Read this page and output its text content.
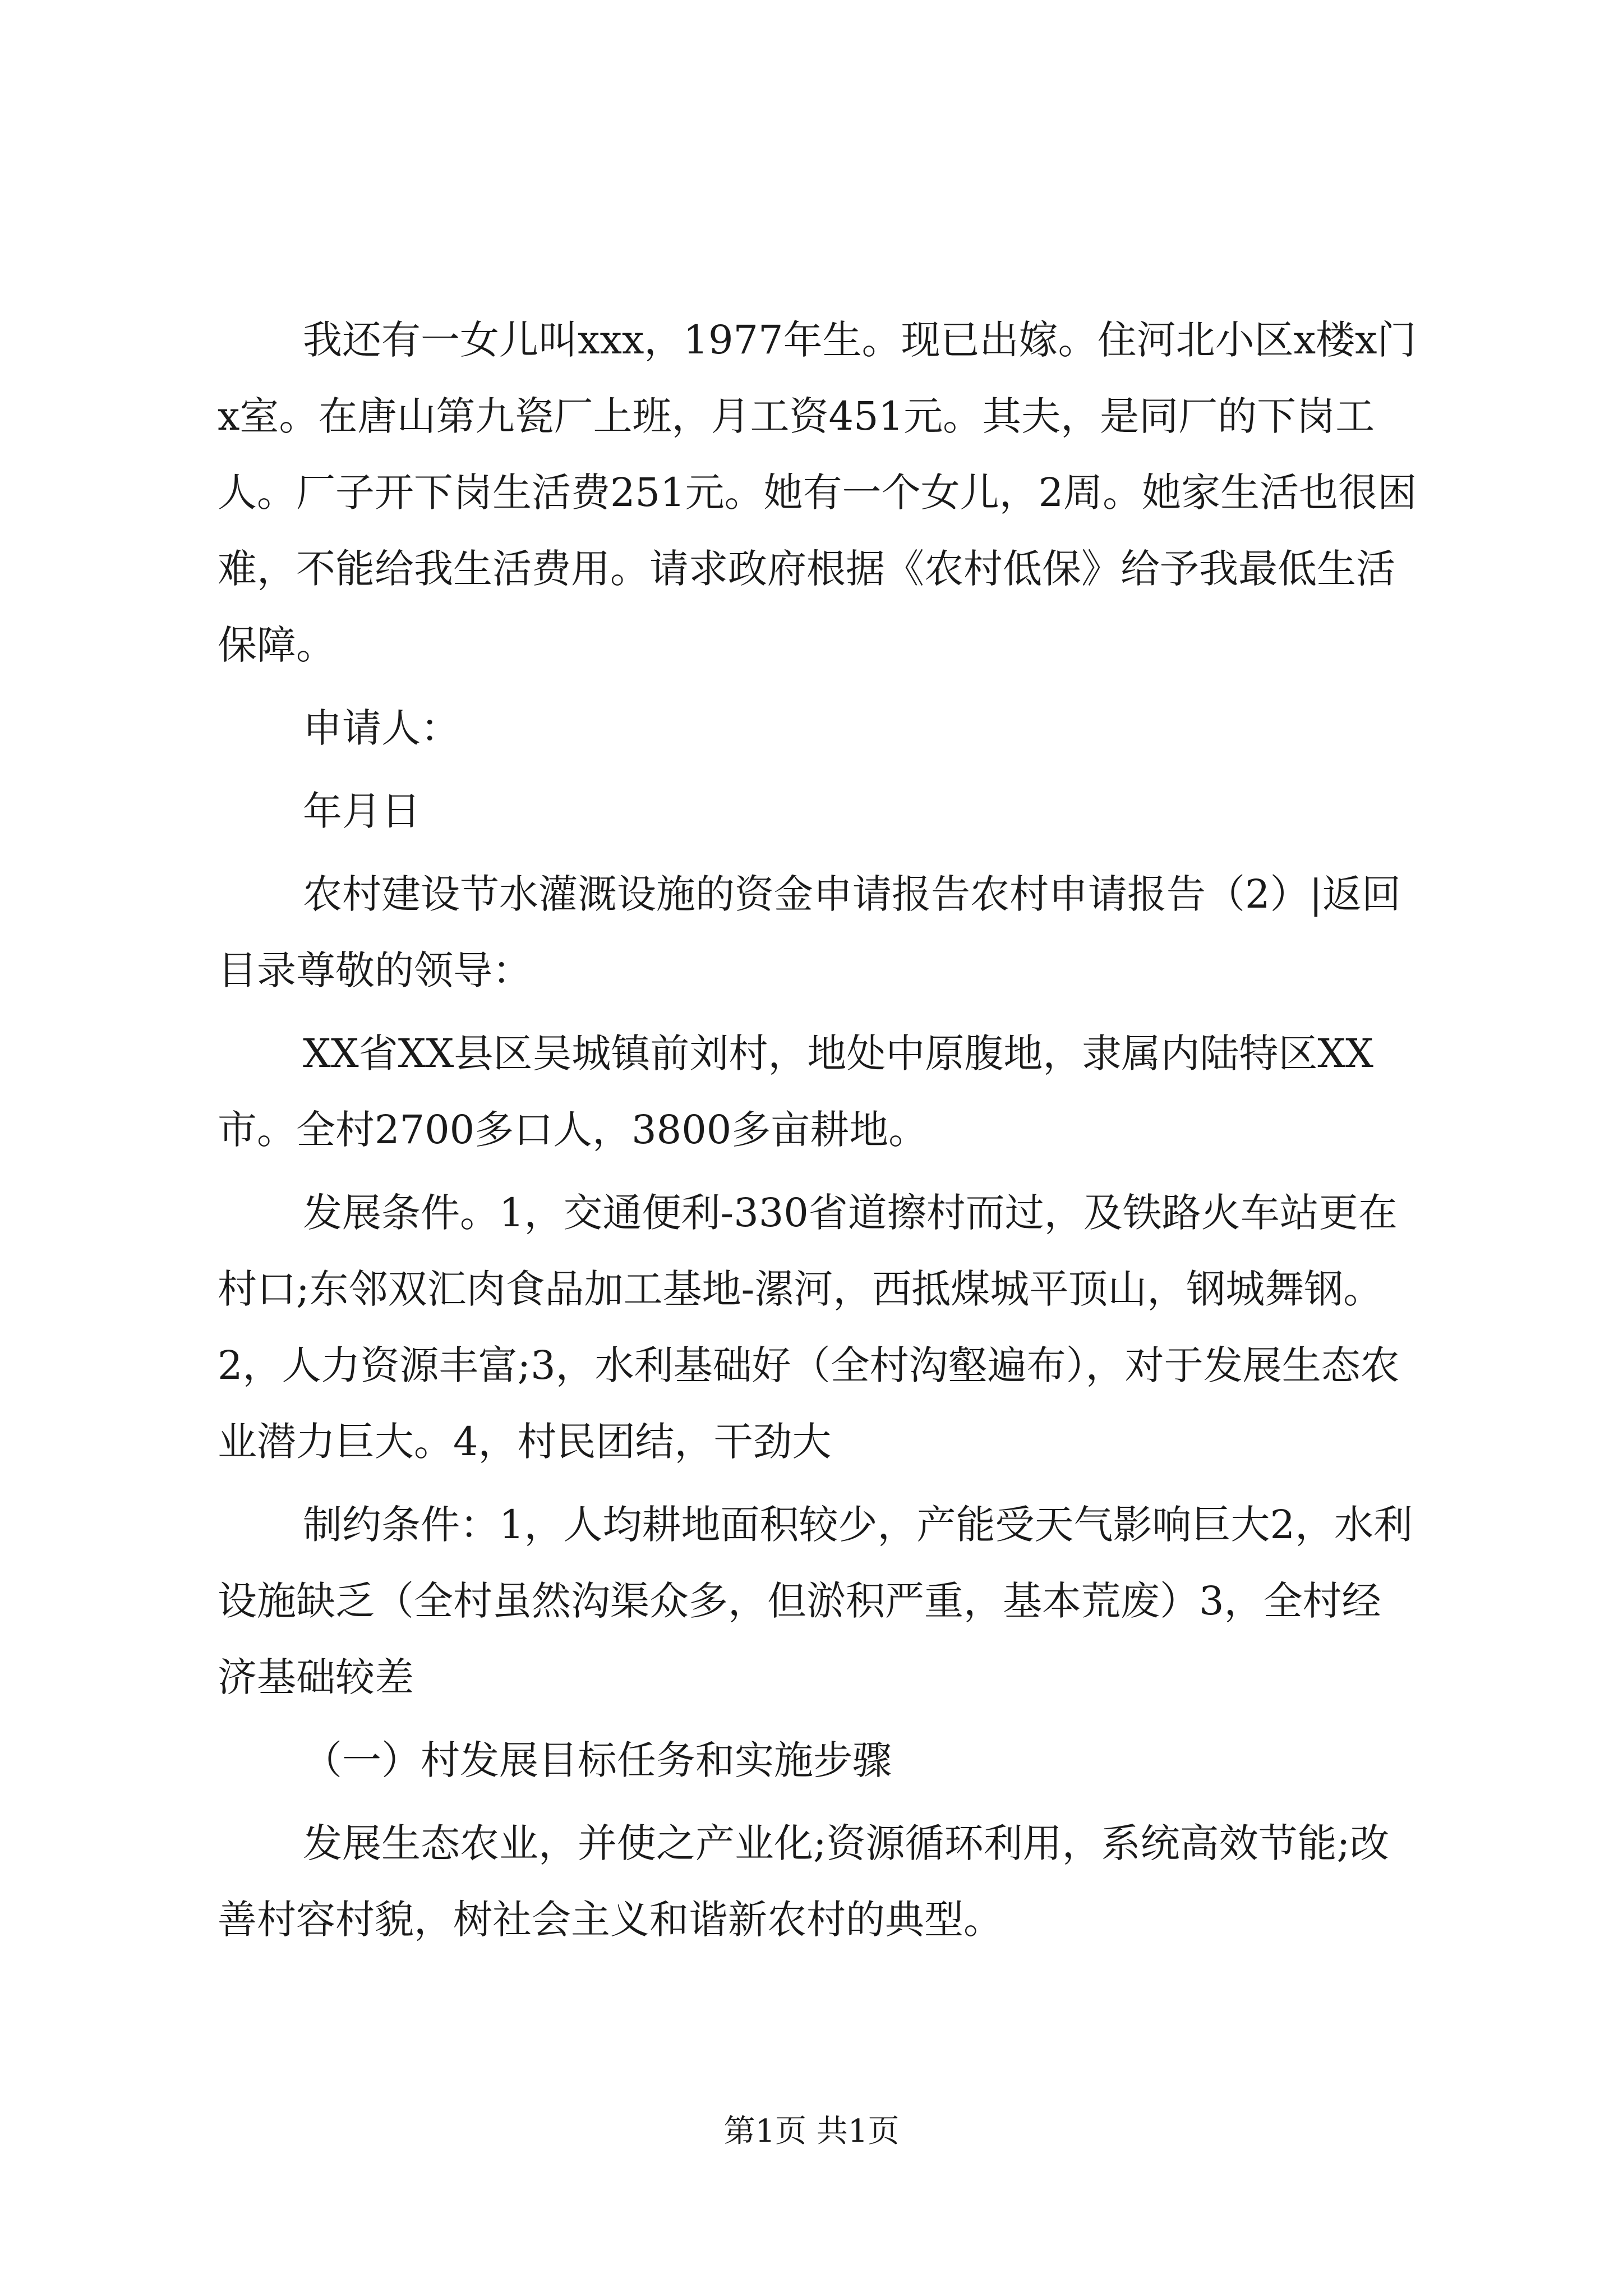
我还有一女儿叫xxx，1977年生。现已出嫁。住河北小区x楼x门x室。在唐山第九瓷厂上班，月工资451元。其夫，是同厂的下岗工人。厂子开下岗生活费251元。她有一个女儿，2周。她家生活也很困难，不能给我生活费用。请求政府根据《农村低保》给予我最低生活保障。

申请人：

年月日

农村建设节水灌溉设施的资金申请报告农村申请报告（2）|返回目录尊敬的领导：

XX省XX县区吴城镇前刘村，地处中原腹地，隶属内陆特区XX市。全村2700多口人，3800多亩耕地。

发展条件。1，交通便利-330省道擦村而过，及铁路火车站更在村口;东邻双汇肉食品加工基地-漯河，西抵煤城平顶山，钢城舞钢。2，人力资源丰富;3，水利基础好（全村沟壑遍布），对于发展生态农业潜力巨大。4，村民团结，干劲大

制约条件：1，人均耕地面积较少，产能受天气影响巨大2，水利设施缺乏（全村虽然沟渠众多，但淤积严重，基本荒废）3，全村经济基础较差

（一）村发展目标任务和实施步骤

发展生态农业，并使之产业化;资源循环利用，系统高效节能;改善村容村貌，树社会主义和谐新农村的典型。

第1页 共1页
